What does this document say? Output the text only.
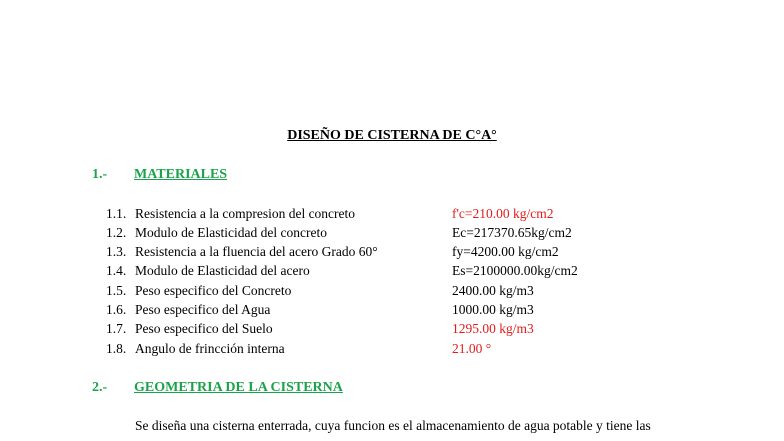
DISEÑO DE CISTERNA DE C°A°
1.- MATERIALES
1.1. Resistencia a la compresion del concreto	f'c=210.00 kg/cm2
1.2. Modulo de Elasticidad del concreto	Ec=217370.65kg/cm2
1.3. Resistencia a la fluencia del acero Grado 60°	fy=4200.00 kg/cm2
1.4. Modulo de Elasticidad del acero	Es=2100000.00kg/cm2
1.5. Peso especifico del Concreto	2400.00 kg/m3
1.6. Peso especifico del Agua	1000.00 kg/m3
1.7. Peso especifico del Suelo	1295.00 kg/m3
1.8. Angulo de frincción interna	21.00 °
2.- GEOMETRIA DE LA CISTERNA
Se diseña una cisterna enterrada, cuya funcion es el almacenamiento de agua potable y tiene las
